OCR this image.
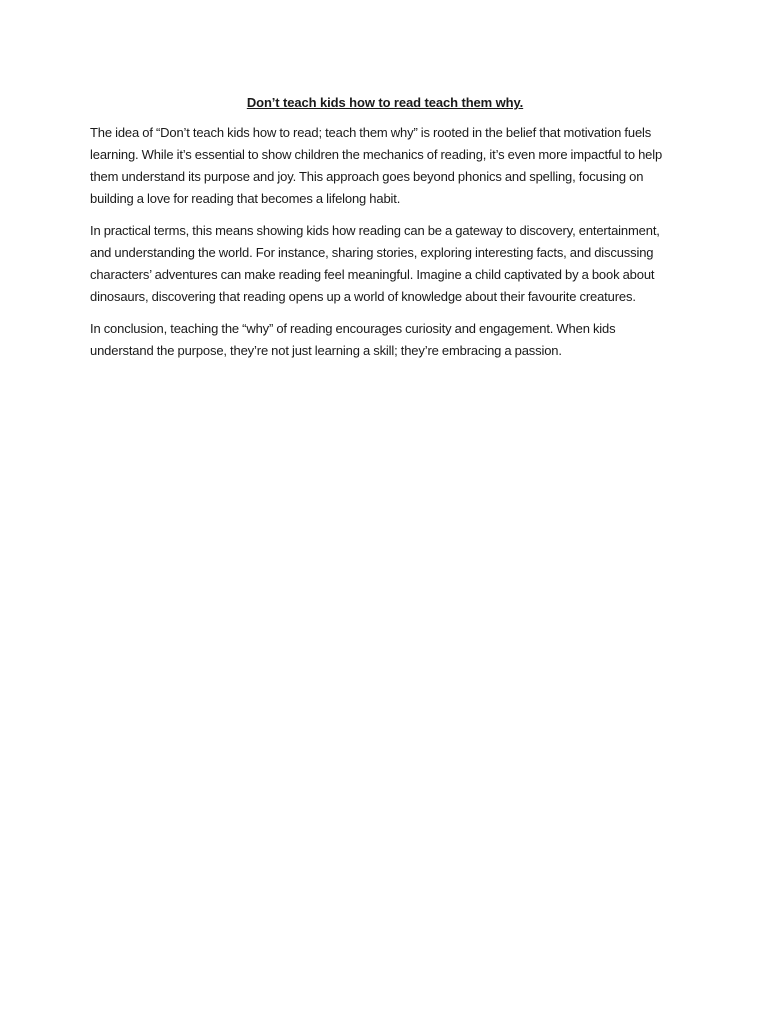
Don’t teach kids how to read teach them why.

The idea of “Don’t teach kids how to read; teach them why” is rooted in the belief that motivation fuels learning. While it’s essential to show children the mechanics of reading, it’s even more impactful to help them understand its purpose and joy. This approach goes beyond phonics and spelling, focusing on building a love for reading that becomes a lifelong habit.

In practical terms, this means showing kids how reading can be a gateway to discovery, entertainment, and understanding the world. For instance, sharing stories, exploring interesting facts, and discussing characters’ adventures can make reading feel meaningful. Imagine a child captivated by a book about dinosaurs, discovering that reading opens up a world of knowledge about their favourite creatures.

In conclusion, teaching the “why” of reading encourages curiosity and engagement. When kids understand the purpose, they’re not just learning a skill; they’re embracing a passion.
